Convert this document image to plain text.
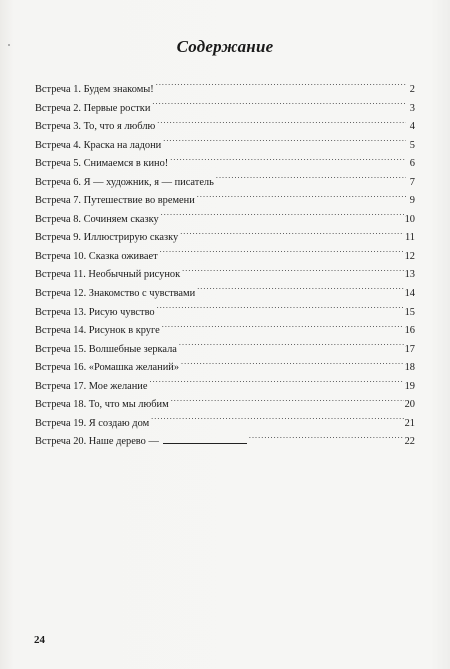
Содержание
Встреча 1. Будем знакомы! .....	2
Встреча 2. Первые ростки .....	3
Встреча 3. То, что я люблю .....	4
Встреча 4. Краска на ладони .....	5
Встреча 5. Снимаемся в кино! .....	6
Встреча 6. Я — художник, я — писатель .....	7
Встреча 7. Путешествие во времени .....	9
Встреча 8. Сочиняем сказку .....	10
Встреча 9. Иллюстрирую сказку .....	11
Встреча 10. Сказка оживает .....	12
Встреча 11. Необычный рисунок .....	13
Встреча 12. Знакомство с чувствами .....	14
Встреча 13. Рисую чувство .....	15
Встреча 14. Рисунок в круге .....	16
Встреча 15. Волшебные зеркала .....	17
Встреча 16. «Ромашка желаний» .....	18
Встреча 17. Мое желание .....	19
Встреча 18. То, что мы любим .....	20
Встреча 19. Я создаю дом .....	21
Встреча 20. Наше дерево — .....	22
24
